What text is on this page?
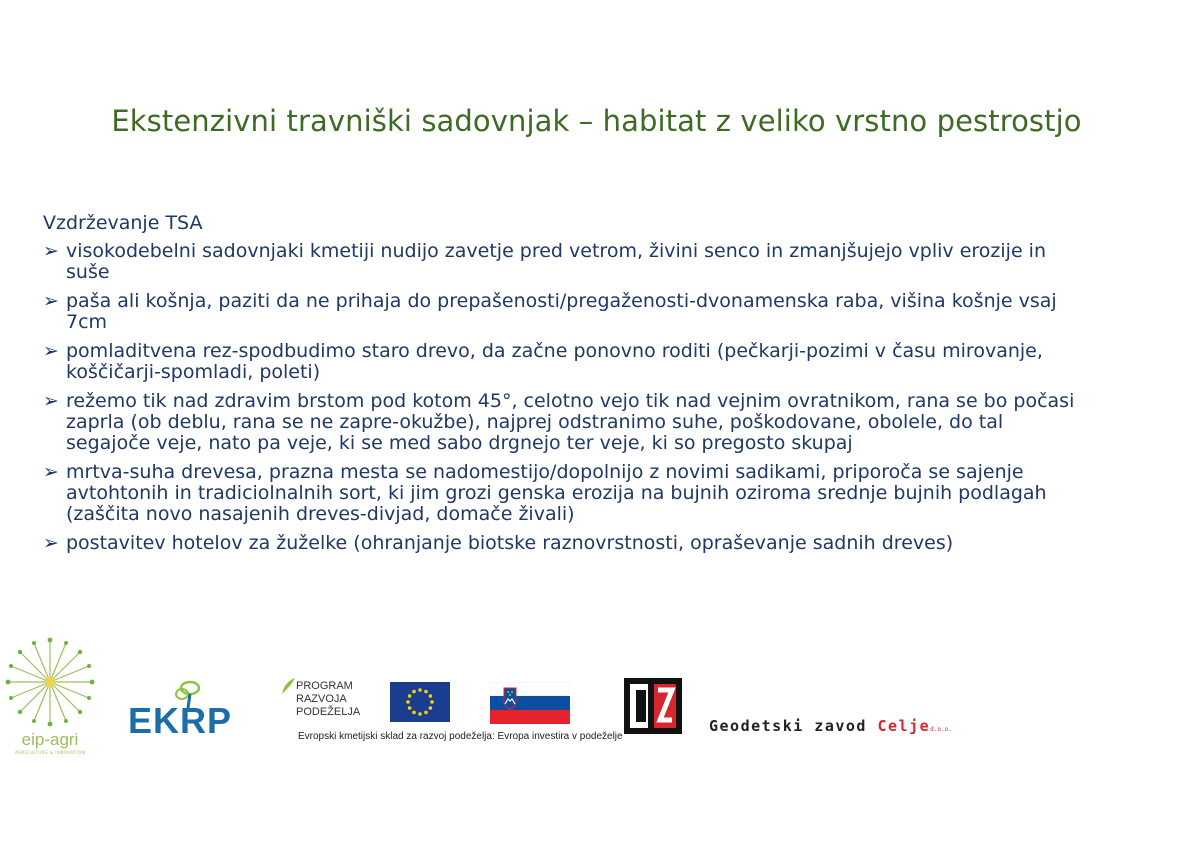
Ekstenzivni travniški sadovnjak – habitat z veliko vrstno pestrostjo
Vzdrževanje TSA
➢ visokodebelni sadovnjaki kmetiji nudijo zavetje pred vetrom, živini senco in zmanjšujejo vpliv erozije in suše
➢ paša ali košnja, paziti da ne prihaja do prepašenosti/pregaženosti-dvonamenska raba, višina košnje vsaj 7cm
➢ pomladitvena rez-spodbudimo staro drevo, da začne ponovno roditi (pečkarji-pozimi v času mirovanje, koščičarji-spomladi, poleti)
➢ režemo tik nad zdravim brstom pod kotom 45°, celotno vejo tik nad vejnim ovratnikom, rana se bo počasi zaprla (ob deblu, rana se ne zapre-okužbe), najprej odstranimo suhe, poškodovane, obolele, do tal segajoče veje, nato pa veje, ki se med sabo drgnejo ter veje, ki so pregosto skupaj
➢ mrtva-suha drevesa, prazna mesta se nadomestijo/dopolnijo z novimi sadikami, priporoča se sajenje avtohtonih in tradiciolnalnih sort, ki jim grozi genska erozija na bujnih oziroma srednje bujnih podlagah (zaščita novo nasajenih dreves-divjad, domače živali)
➢ postavitev hotelov za žuželke (ohranjanje biotske raznovrstnosti, opraševanje sadnih dreves)
eip-agri
AGRICULTURE & INNOVATION
EKRP
PROGRAM
RAZVOJA
PODEŽELJA
Evropski kmetijski sklad za razvoj podeželja: Evropa investira v podeželje
Geodetski zavod Celjed.o.o.
